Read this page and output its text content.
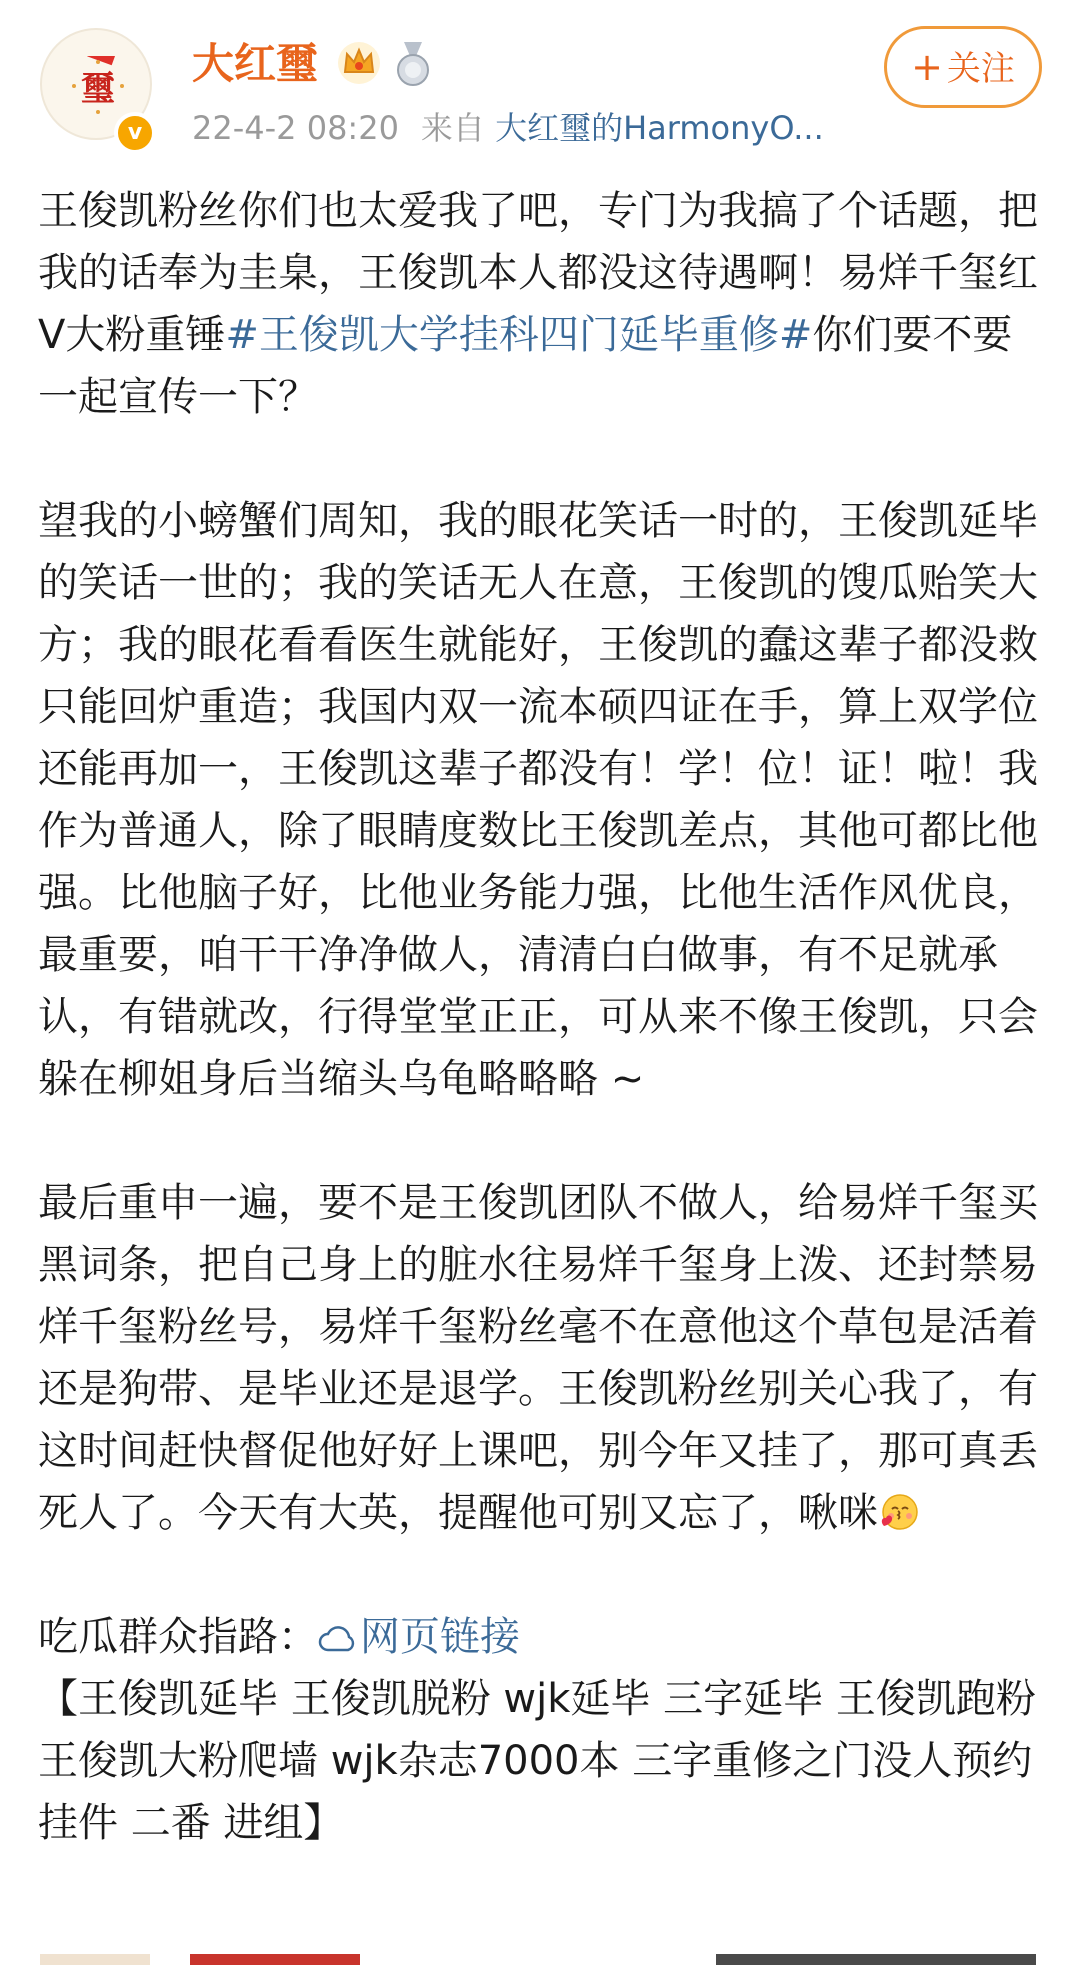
璽
v
大红璽
22-4-2 08:20 来自 大红璽的HarmonyO...
+ 关注

王俊凯粉丝你们也太爱我了吧，专门为我搞了个话题，把我的话奉为圭臬，王俊凯本人都没这待遇啊！易烊千玺红V大粉重锤#王俊凯大学挂科四门延毕重修#你们要不要一起宣传一下？

望我的小螃蟹们周知，我的眼花笑话一时的，王俊凯延毕的笑话一世的；我的笑话无人在意，王俊凯的馊瓜贻笑大方；我的眼花看看医生就能好，王俊凯的蠢这辈子都没救只能回炉重造；我国内双一流本硕四证在手，算上双学位还能再加一，王俊凯这辈子都没有！学！位！证！啦！我作为普通人，除了眼睛度数比王俊凯差点，其他可都比他强。比他脑子好，比他业务能力强，比他生活作风优良，最重要，咱干干净净做人，清清白白做事，有不足就承认，有错就改，行得堂堂正正，可从来不像王俊凯，只会躲在柳姐身后当缩头乌龟略略略 ~

最后重申一遍，要不是王俊凯团队不做人，给易烊千玺买黑词条，把自己身上的脏水往易烊千玺身上泼、还封禁易烊千玺粉丝号，易烊千玺粉丝毫不在意他这个草包是活着还是狗带、是毕业还是退学。王俊凯粉丝别关心我了，有这时间赶快督促他好好上课吧，别今年又挂了，那可真丢死人了。今天有大英，提醒他可别又忘了，啾咪

吃瓜群众指路： 网页链接

【王俊凯延毕 王俊凯脱粉 wjk延毕 三字延毕 王俊凯跑粉 王俊凯大粉爬墙 wjk杂志7000本 三字重修之门没人预约 挂件 二番 进组】
